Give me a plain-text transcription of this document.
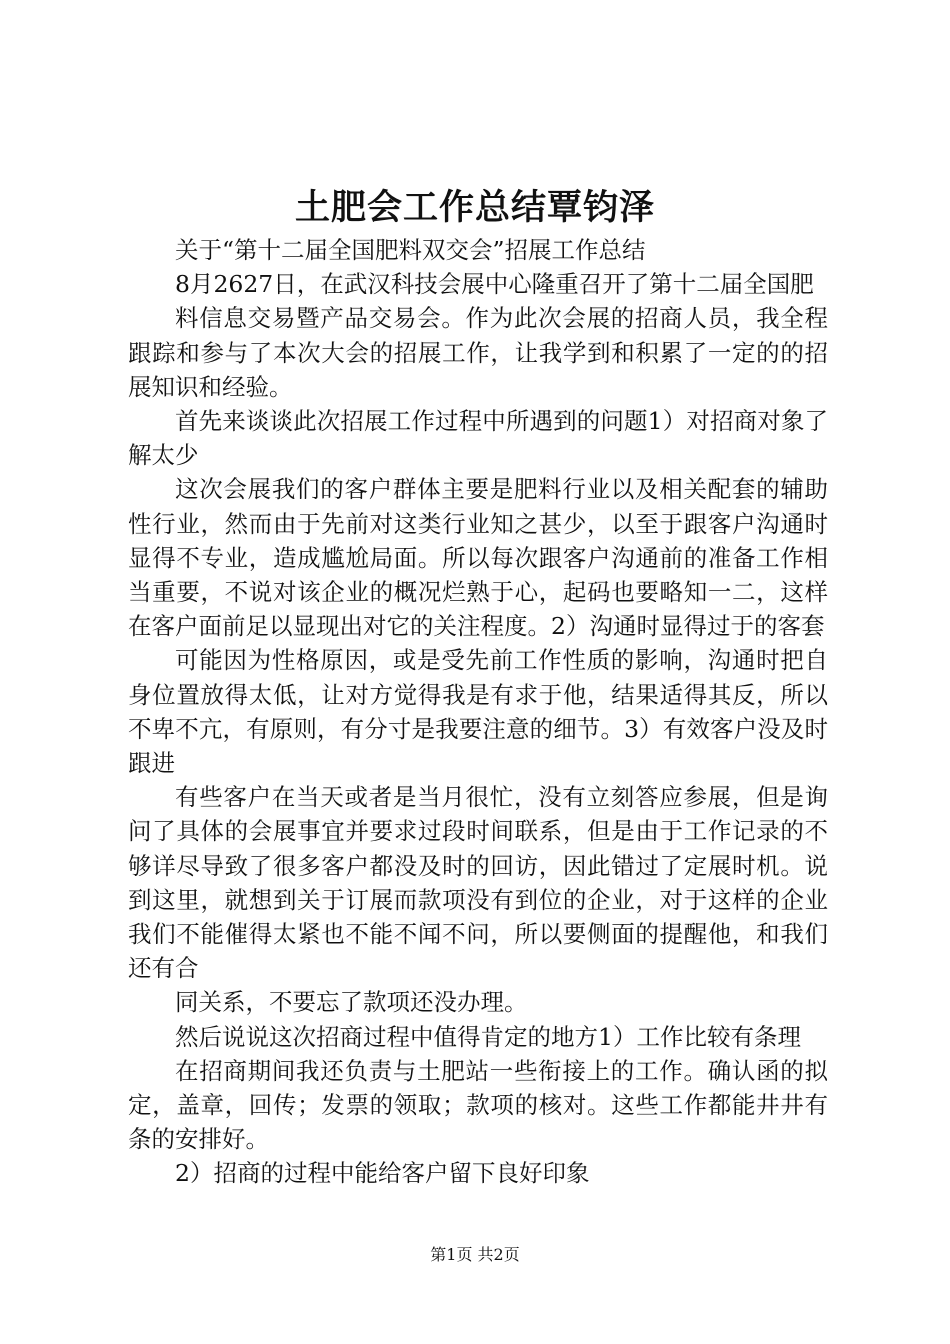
土肥会工作总结覃钧泽

关于“第十二届全国肥料双交会”招展工作总结

8月2627日，在武汉科技会展中心隆重召开了第十二届全国肥

料信息交易暨产品交易会。作为此次会展的招商人员，我全程跟踪和参与了本次大会的招展工作，让我学到和积累了一定的的招展知识和经验。

首先来谈谈此次招展工作过程中所遇到的问题1）对招商对象了解太少

这次会展我们的客户群体主要是肥料行业以及相关配套的辅助性行业，然而由于先前对这类行业知之甚少，以至于跟客户沟通时显得不专业，造成尴尬局面。所以每次跟客户沟通前的准备工作相当重要，不说对该企业的概况烂熟于心，起码也要略知一二，这样在客户面前足以显现出对它的关注程度。2）沟通时显得过于的客套

可能因为性格原因，或是受先前工作性质的影响，沟通时把自身位置放得太低，让对方觉得我是有求于他，结果适得其反，所以不卑不亢，有原则，有分寸是我要注意的细节。3）有效客户没及时跟进

有些客户在当天或者是当月很忙，没有立刻答应参展，但是询问了具体的会展事宜并要求过段时间联系，但是由于工作记录的不够详尽导致了很多客户都没及时的回访，因此错过了定展时机。说到这里，就想到关于订展而款项没有到位的企业，对于这样的企业我们不能催得太紧也不能不闻不问，所以要侧面的提醒他，和我们还有合

同关系，不要忘了款项还没办理。

然后说说这次招商过程中值得肯定的地方1）工作比较有条理

在招商期间我还负责与土肥站一些衔接上的工作。确认函的拟定，盖章，回传；发票的领取；款项的核对。这些工作都能井井有条的安排好。

2）招商的过程中能给客户留下良好印象

第1页 共2页
